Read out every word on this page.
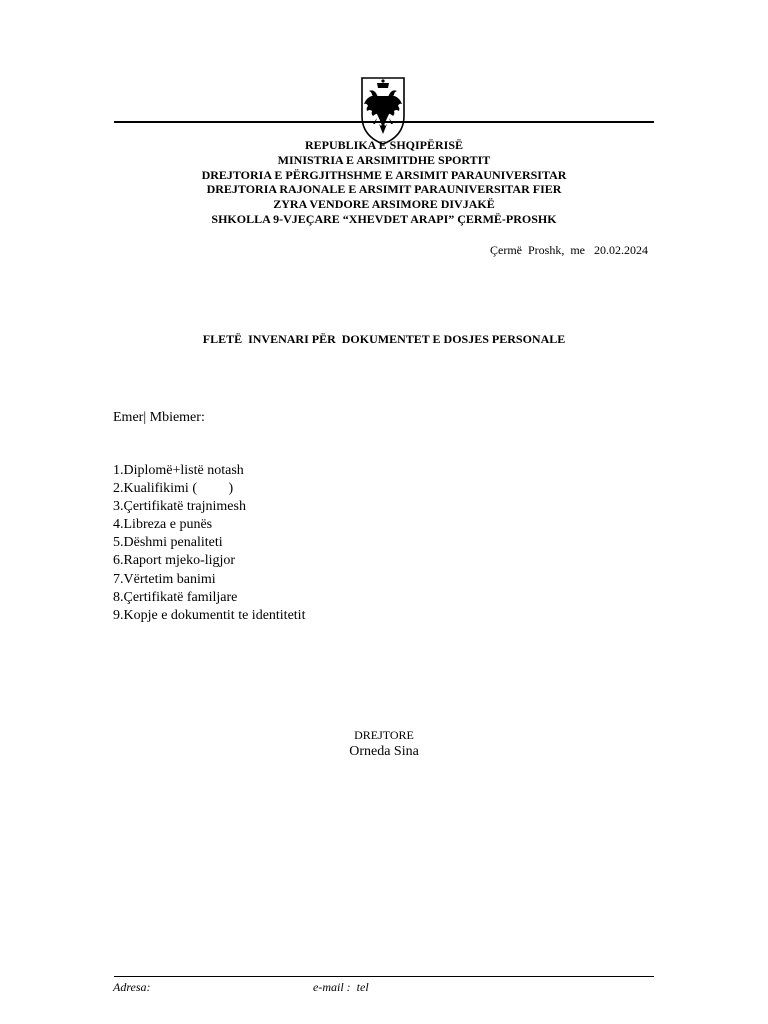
REPUBLIKA E SHQIPËRISË
MINISTRIA E ARSIMITDHE SPORTIT
DREJTORIA E PËRGJITHSHME E ARSIMIT PARAUNIVERSITAR
DREJTORIA RAJONALE E ARSIMIT PARAUNIVERSITAR FIER
ZYRA VENDORE ARSIMORE DIVJAKË
SHKOLLA 9-VJEÇARE “XHEVDET ARAPI” ÇERMË-PROSHK
Çermë  Proshk,  me   20.02.2024
FLETË  INVENARI PËR  DOKUMENTET E DOSJES PERSONALE
Emer| Mbiemer:
1.Diplomë+listë notash
2.Kualifikimi (         )
3.Çertifikatë trajnimesh
4.Libreza e punës
5.Dëshmi penaliteti
6.Raport mjeko-ligjor
7.Vërtetim banimi
8.Çertifikatë familjare
9.Kopje e dokumentit te identitetit
DREJTORE
Orneda Sina
Adresa:	e-mail :  tel
